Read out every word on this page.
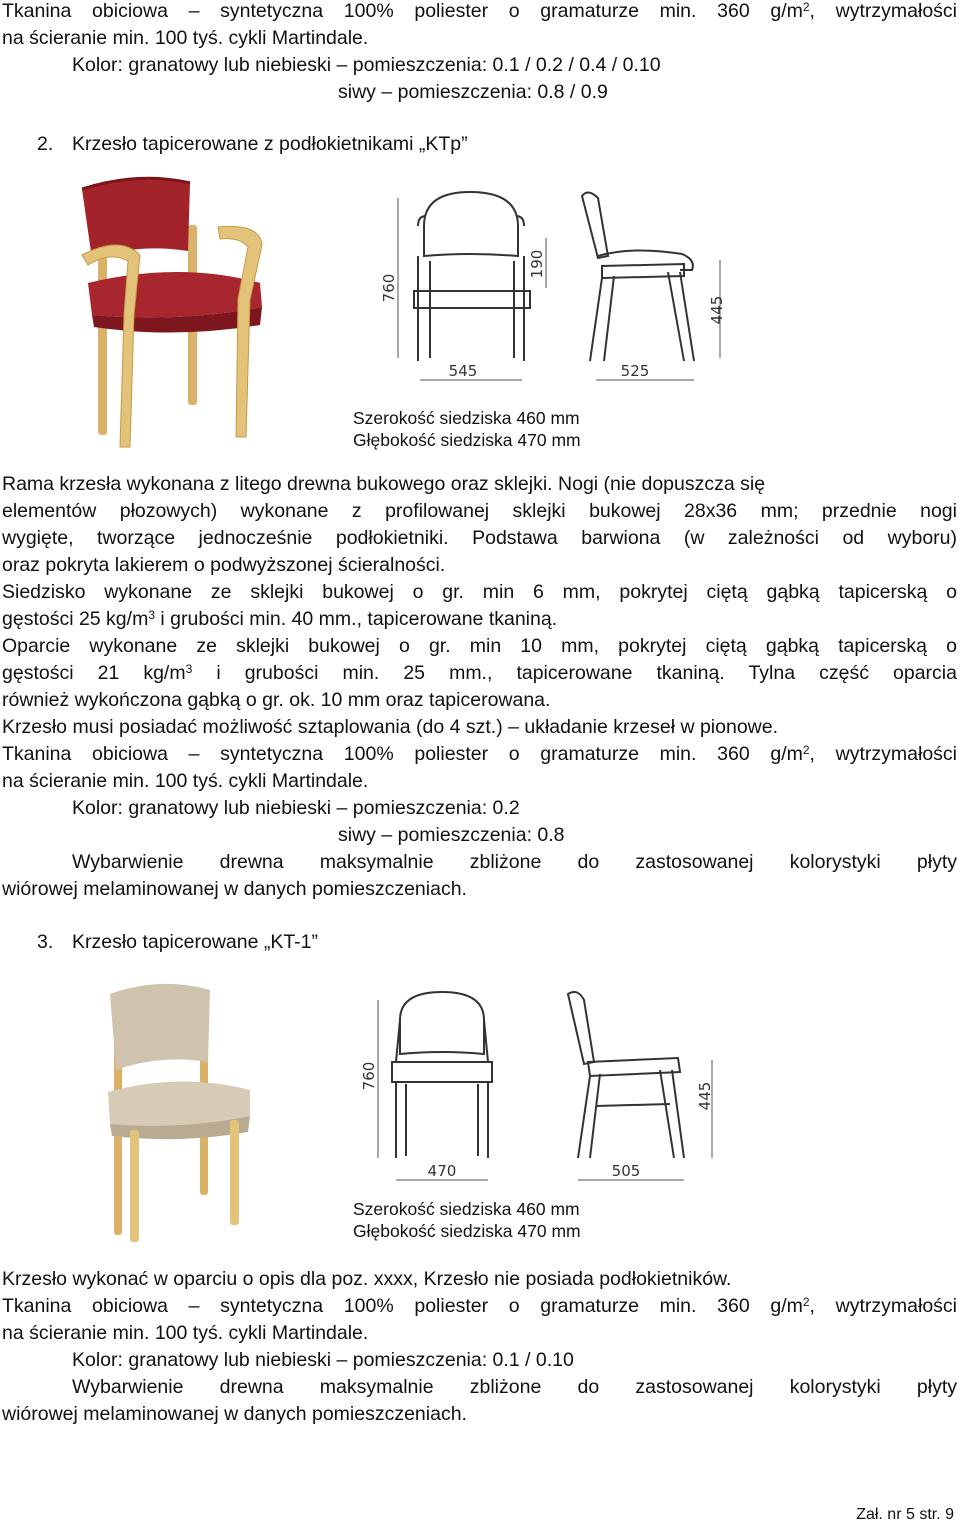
Tkanina obiciowa – syntetyczna 100% poliester o gramaturze min. 360 $g/m^2$, wytrzymałości
na ścieranie min. 100 tyś. cykli Martindale.
Kolor: granatowy lub niebieski – pomieszczenia: 0.1 / 0.2 / 0.4 / 0.10
siwy – pomieszczenia: 0.8 / 0.9
2. Krzesło tapicerowane z podłokietnikami „KTp”
760
190
545
445
525
Szerokość siedziska 460 mm
Głębokość siedziska 470 mm
Rama krzesła wykonana z litego drewna bukowego oraz sklejki. Nogi (nie dopuszcza się
elementów płozowych) wykonane z profilowanej sklejki bukowej 28x36 mm; przednie nogi
wygięte, tworzące jednocześnie podłokietniki. Podstawa barwiona (w zależności od wyboru)
oraz pokryta lakierem o podwyższonej ścieralności.
Siedzisko wykonane ze sklejki bukowej o gr. min 6 mm, pokrytej ciętą gąbką tapicerską o
gęstości 25 $kg/m^3$ i grubości min. 40 mm., tapicerowane tkaniną.
Oparcie wykonane ze sklejki bukowej o gr. min 10 mm, pokrytej ciętą gąbką tapicerską o
gęstości 21 $kg/m^3$ i grubości min. 25 mm., tapicerowane tkaniną. Tylna część oparcia
również wykończona gąbką o gr. ok. 10 mm oraz tapicerowana.
Krzesło musi posiadać możliwość sztaplowania (do 4 szt.) – układanie krzeseł w pionowe.
Tkanina obiciowa – syntetyczna 100% poliester o gramaturze min. 360 $g/m^2$, wytrzymałości
na ścieranie min. 100 tyś. cykli Martindale.
Kolor: granatowy lub niebieski – pomieszczenia: 0.2
siwy – pomieszczenia: 0.8
Wybarwienie drewna maksymalnie zbliżone do zastosowanej kolorystyki płyty
wiórowej melaminowanej w danych pomieszczeniach.
3. Krzesło tapicerowane „KT-1”
760
470
445
505
Szerokość siedziska 460 mm
Głębokość siedziska 470 mm
Krzesło wykonać w oparciu o opis dla poz. xxxx, Krzesło nie posiada podłokietników.
Tkanina obiciowa – syntetyczna 100% poliester o gramaturze min. 360 $g/m^2$, wytrzymałości
na ścieranie min. 100 tyś. cykli Martindale.
Kolor: granatowy lub niebieski – pomieszczenia: 0.1 / 0.10
Wybarwienie drewna maksymalnie zbliżone do zastosowanej kolorystyki płyty
wiórowej melaminowanej w danych pomieszczeniach.
Zał. nr 5 str. 9
